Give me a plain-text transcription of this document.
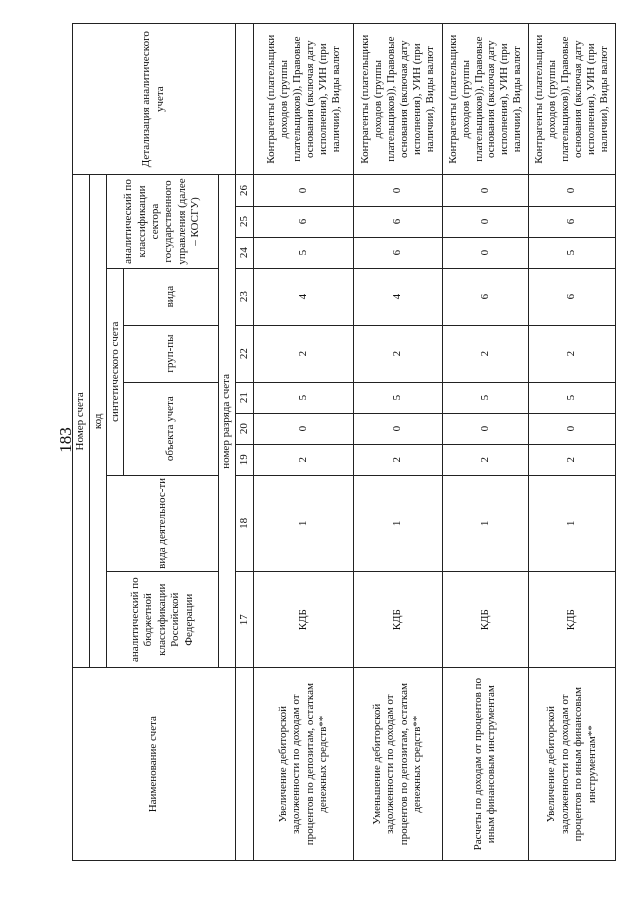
183
Наименование счета	Номер счета										Детализация аналитического учета
	код										
	аналитический по бюджетной классификации Российской Федерации	вида деятельнос-ти	синтетического счета					аналитический по классификации сектора государственного управления (далее – КОСГУ)			
			объекта учета			груп-пы	вида				
	номер разряда счета										
	17	18	19	20	21	22	23	24	25	26	
Увеличение дебиторской задолженности по доходам от процентов по депозитам, остаткам денежных средств**	КДБ	1	2	0	5	2	4	5	6	0	Контрагенты (плательщики доходов (группы плательщиков)), Правовые основания (включая дату исполнения), УИН (при наличии), Виды валют
Уменьшение дебиторской задолженности по доходам от процентов по депозитам, остаткам денежных средств**	КДБ	1	2	0	5	2	4	6	6	0	Контрагенты (плательщики доходов (группы плательщиков)), Правовые основания (включая дату исполнения), УИН (при наличии), Виды валют
Расчеты по доходам от процентов по иным финансовым инструментам	КДБ	1	2	0	5	2	6	0	0	0	Контрагенты (плательщики доходов (группы плательщиков)), Правовые основания (включая дату исполнения), УИН (при наличии), Виды валют
Увеличение дебиторской задолженности по доходам от процентов по иным финансовым инструментам**	КДБ	1	2	0	5	2	6	5	6	0	Контрагенты (плательщики доходов (группы плательщиков)), Правовые основания (включая дату исполнения), УИН (при наличии), Виды валют
